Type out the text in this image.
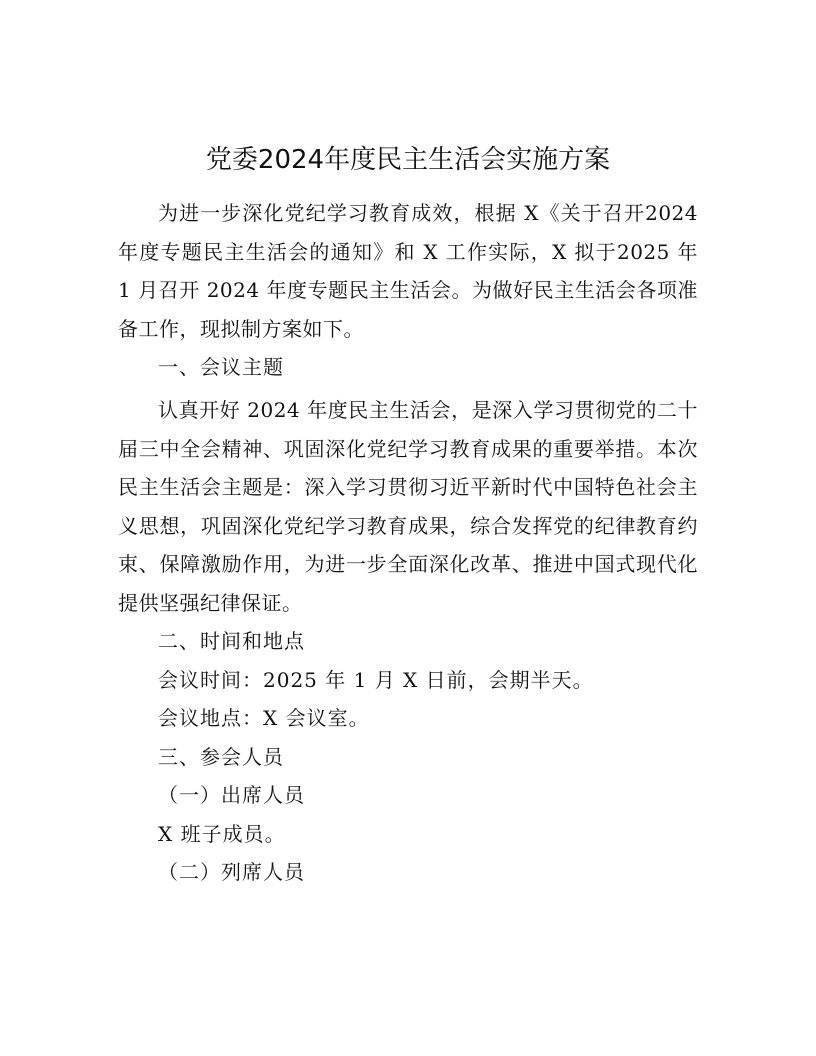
党委2024年度民主生活会实施方案

为进一步深化党纪学习教育成效，根据 X《关于召开2024 年度专题民主生活会的通知》和 X 工作实际，X 拟于2025 年 1 月召开 2024 年度专题民主生活会。为做好民主生活会各项准备工作，现拟制方案如下。

一、会议主题

认真开好 2024 年度民主生活会，是深入学习贯彻党的二十届三中全会精神、巩固深化党纪学习教育成果的重要举措。本次民主生活会主题是：深入学习贯彻习近平新时代中国特色社会主义思想，巩固深化党纪学习教育成果，综合发挥党的纪律教育约束、保障激励作用，为进一步全面深化改革、推进中国式现代化提供坚强纪律保证。

二、时间和地点

会议时间：2025 年 1 月 X 日前，会期半天。

会议地点：X 会议室。

三、参会人员

（一）出席人员

X 班子成员。

（二）列席人员
